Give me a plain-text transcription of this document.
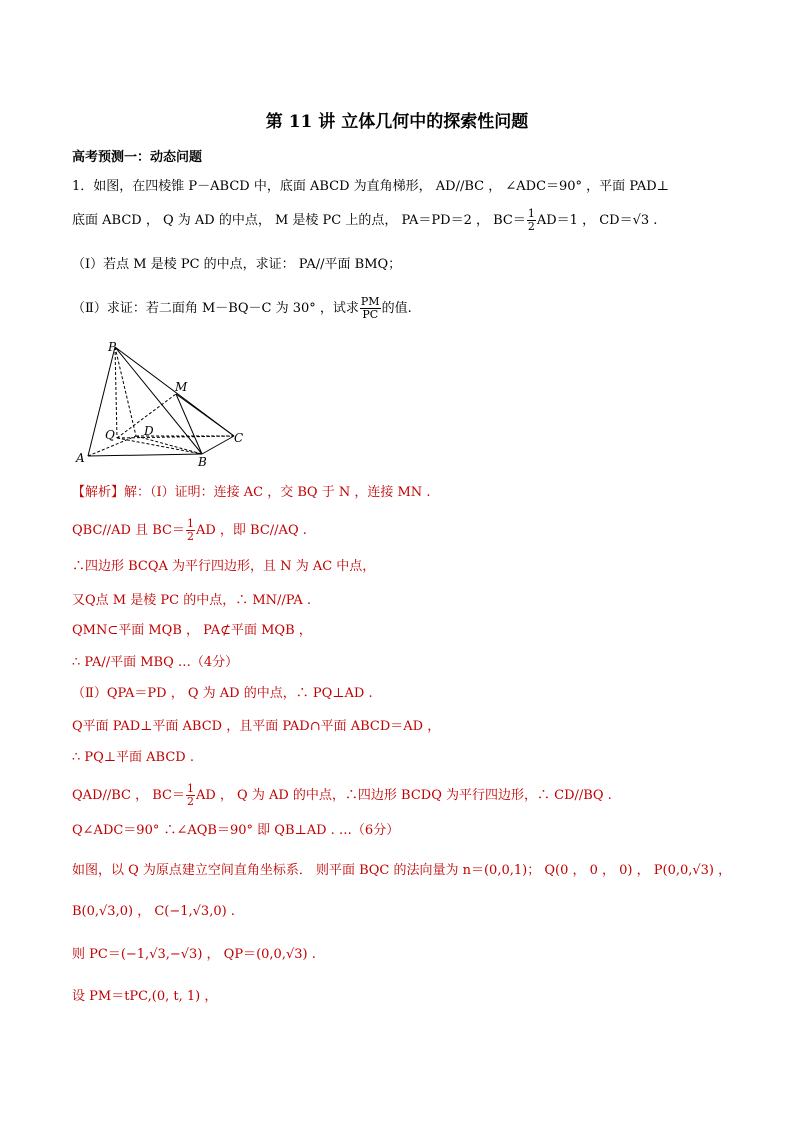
第 11 讲 立体几何中的探索性问题
高考预测一：动态问题
1．如图，在四棱锥 P－ABCD 中，底面 ABCD 为直角梯形， AD//BC ， ∠ADC＝90° ，平面 PAD⊥
底面 ABCD ， Q 为 AD 的中点， M 是棱 PC 上的点， PA＝PD＝2 ， $BC= \frac{1}{2} AD=1$ ， CD＝√3 .
（Ⅰ）若点 M 是棱 PC 的中点，求证： PA//平面 BMQ；
（Ⅱ）求证：若二面角 M－BQ－C 为 30° ，试求 $\frac{PM}{PC}$ 的值.
P
M
Q D
A	B
C
【解析】解：（Ⅰ）证明：连接 AC ，交 BQ 于 N ，连接 MN .
QBC//AD 且 $BC= \frac{1}{2}$ AD ，即 BC//AQ .
∴四边形 BCQA 为平行四边形，且 N 为 AC 中点，
又Q点 M 是棱 PC 的中点，∴ MN//PA .
QMN⊂平面 MQB ， PA⊄平面 MQB ，
∴ PA//平面 MBQ …（4分）
（Ⅱ）QPA＝PD ， Q 为 AD 的中点，∴ PQ⊥AD .
Q平面 PAD⊥平面 ABCD ，且平面 PAD∩平面 ABCD＝AD ，
∴ PQ⊥平面 ABCD .
QAD//BC ， $BC= \frac{1}{2}$ AD ， Q 为 AD 的中点，∴四边形 BCDQ 为平行四边形，∴ CD//BQ .
Q∠ADC＝90° ∴∠AQB＝90° 即 QB⊥AD . …（6分）
如图，以 Q 为原点建立空间直角坐标系． 则平面 BQC 的法向量为 n＝(0,0,1)； Q(0 ， 0 ， 0) ， P(0,0,√3) ，
B(0,√3,0) ， C(−1,√3,0) .
则 PC＝(−1,√3,−√3) ， QP＝(0,0,√3) .
设 PM＝tPC,(0, t, 1) ，
